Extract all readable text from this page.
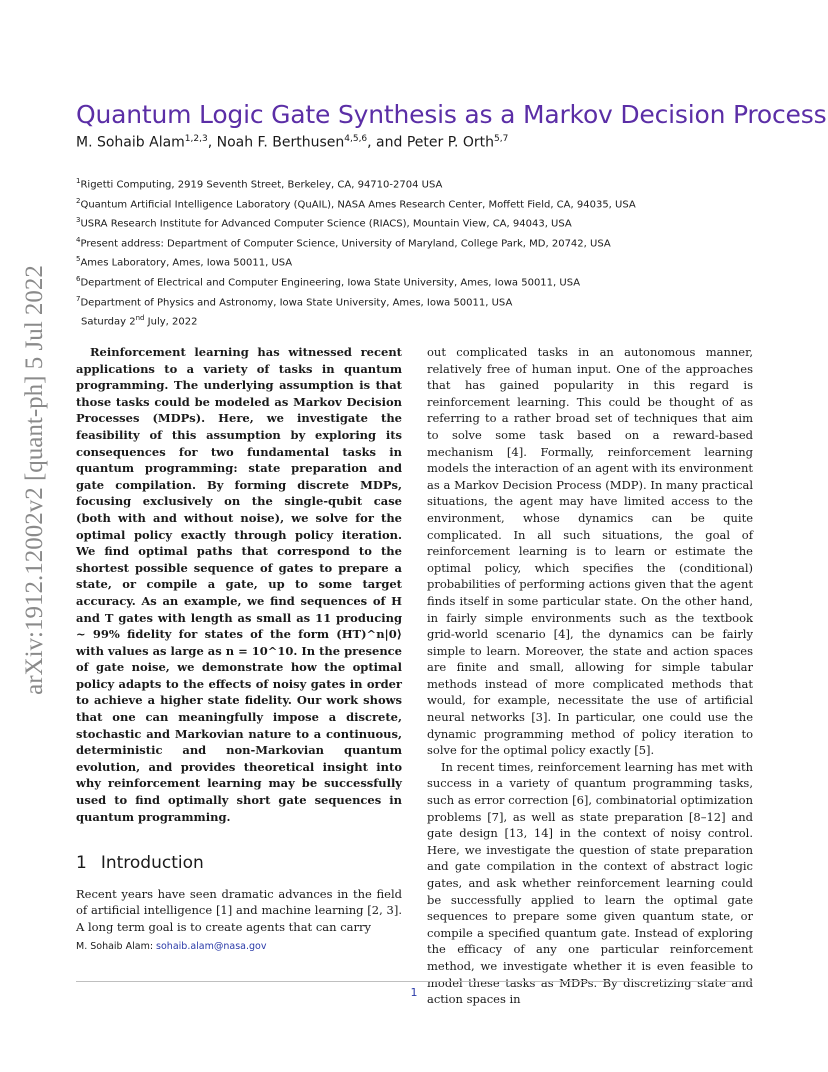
arXiv:1912.12002v2 [quant-ph] 5 Jul 2022
Quantum Logic Gate Synthesis as a Markov Decision Process
M. Sohaib Alam$^{1,2,3}$, Noah F. Berthusen$^{4,5,6}$, and Peter P. Orth$^{5,7}$
$^1$Rigetti Computing, 2919 Seventh Street, Berkeley, CA, 94710-2704 USA
$^2$Quantum Artificial Intelligence Laboratory (QuAIL), NASA Ames Research Center, Moffett Field, CA, 94035, USA
$^3$USRA Research Institute for Advanced Computer Science (RIACS), Mountain View, CA, 94043, USA
$^4$Present address: Department of Computer Science, University of Maryland, College Park, MD, 20742, USA
$^5$Ames Laboratory, Ames, Iowa 50011, USA
$^6$Department of Electrical and Computer Engineering, Iowa State University, Ames, Iowa 50011, USA
$^7$Department of Physics and Astronomy, Iowa State University, Ames, Iowa 50011, USA
Saturday 2nd July, 2022

Reinforcement learning has witnessed recent applications to a variety of tasks in quantum programming. The underlying assumption is that those tasks could be modeled as Markov Decision Processes (MDPs). Here, we investigate the feasibility of this assumption by exploring its consequences for two fundamental tasks in quantum programming: state preparation and gate compilation. By forming discrete MDPs, focusing exclusively on the single-qubit case (both with and without noise), we solve for the optimal policy exactly through policy iteration. We find optimal paths that correspond to the shortest possible sequence of gates to prepare a state, or compile a gate, up to some target accuracy. As an example, we find sequences of H and T gates with length as small as 11 producing ~ 99% fidelity for states of the form (HT)^n|0⟩ with values as large as n = 10^10. In the presence of gate noise, we demonstrate how the optimal policy adapts to the effects of noisy gates in order to achieve a higher state fidelity. Our work shows that one can meaningfully impose a discrete, stochastic and Markovian nature to a continuous, deterministic and non-Markovian quantum evolution, and provides theoretical insight into why reinforcement learning may be successfully used to find optimally short gate sequences in quantum programming.

1 Introduction

Recent years have seen dramatic advances in the field of artificial intelligence [1] and machine learning [2, 3]. A long term goal is to create agents that can carry

out complicated tasks in an autonomous manner, relatively free of human input. One of the approaches that has gained popularity in this regard is reinforcement learning. This could be thought of as referring to a rather broad set of techniques that aim to solve some task based on a reward-based mechanism [4]. Formally, reinforcement learning models the interaction of an agent with its environment as a Markov Decision Process (MDP). In many practical situations, the agent may have limited access to the environment, whose dynamics can be quite complicated. In all such situations, the goal of reinforcement learning is to learn or estimate the optimal policy, which specifies the (conditional) probabilities of performing actions given that the agent finds itself in some particular state. On the other hand, in fairly simple environments such as the textbook grid-world scenario [4], the dynamics can be fairly simple to learn. Moreover, the state and action spaces are finite and small, allowing for simple tabular methods instead of more complicated methods that would, for example, necessitate the use of artificial neural networks [3]. In particular, one could use the dynamic programming method of policy iteration to solve for the optimal policy exactly [5].

In recent times, reinforcement learning has met with success in a variety of quantum programming tasks, such as error correction [6], combinatorial optimization problems [7], as well as state preparation [8–12] and gate design [13, 14] in the context of noisy control. Here, we investigate the question of state preparation and gate compilation in the context of abstract logic gates, and ask whether reinforcement learning could be successfully applied to learn the optimal gate sequences to prepare some given quantum state, or compile a specified quantum gate. Instead of exploring the efficacy of any one particular reinforcement method, we investigate whether it is even feasible to model these tasks as MDPs. By discretizing state and action spaces in

M. Sohaib Alam: sohaib.alam@nasa.gov
1
